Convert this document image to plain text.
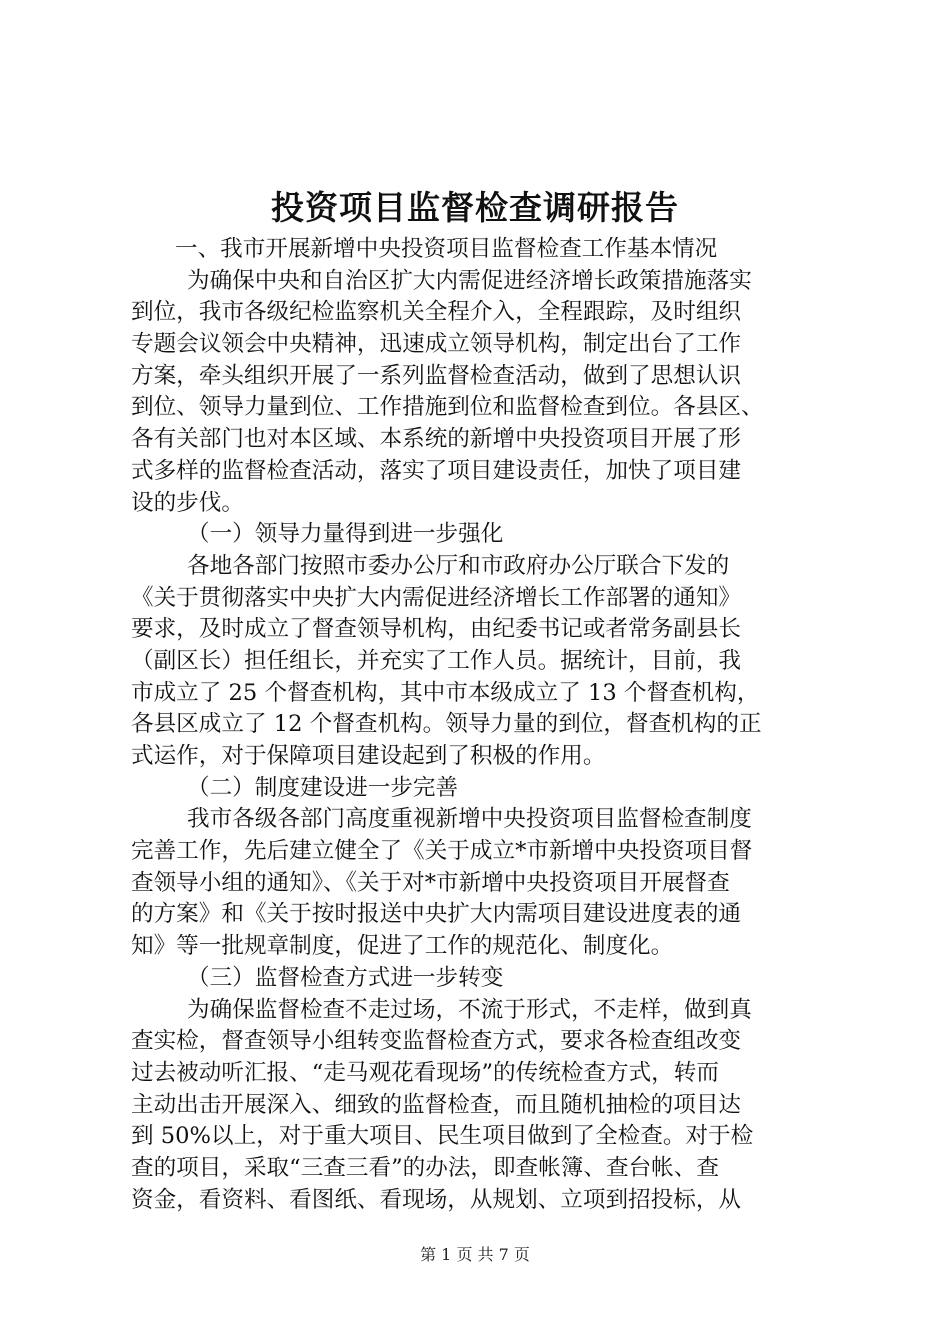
投资项目监督检查调研报告
一、我市开展新增中央投资项目监督检查工作基本情况
为确保中央和自治区扩大内需促进经济增长政策措施落实
到位，我市各级纪检监察机关全程介入，全程跟踪，及时组织
专题会议领会中央精神，迅速成立领导机构，制定出台了工作
方案，牵头组织开展了一系列监督检查活动，做到了思想认识
到位、领导力量到位、工作措施到位和监督检查到位。各县区、
各有关部门也对本区域、本系统的新增中央投资项目开展了形
式多样的监督检查活动，落实了项目建设责任，加快了项目建
设的步伐。
（一）领导力量得到进一步强化
各地各部门按照市委办公厅和市政府办公厅联合下发的
《关于贯彻落实中央扩大内需促进经济增长工作部署的通知》
要求，及时成立了督查领导机构，由纪委书记或者常务副县长
（副区长）担任组长，并充实了工作人员。据统计，目前，我
市成立了 25 个督查机构，其中市本级成立了 13 个督查机构，
各县区成立了 12 个督查机构。领导力量的到位，督查机构的正
式运作，对于保障项目建设起到了积极的作用。
（二）制度建设进一步完善
我市各级各部门高度重视新增中央投资项目监督检查制度
完善工作，先后建立健全了《关于成立*市新增中央投资项目督
查领导小组的通知》、《关于对*市新增中央投资项目开展督查
的方案》和《关于按时报送中央扩大内需项目建设进度表的通
知》等一批规章制度，促进了工作的规范化、制度化。
（三）监督检查方式进一步转变
为确保监督检查不走过场，不流于形式，不走样，做到真
查实检，督查领导小组转变监督检查方式，要求各检查组改变
过去被动听汇报、“走马观花看现场”的传统检查方式，转而
主动出击开展深入、细致的监督检查，而且随机抽检的项目达
到 50%以上，对于重大项目、民生项目做到了全检查。对于检
查的项目，采取“三查三看”的办法，即查帐簿、查台帐、查
资金，看资料、看图纸、看现场，从规划、立项到招投标，从
第 1 页 共 7 页
